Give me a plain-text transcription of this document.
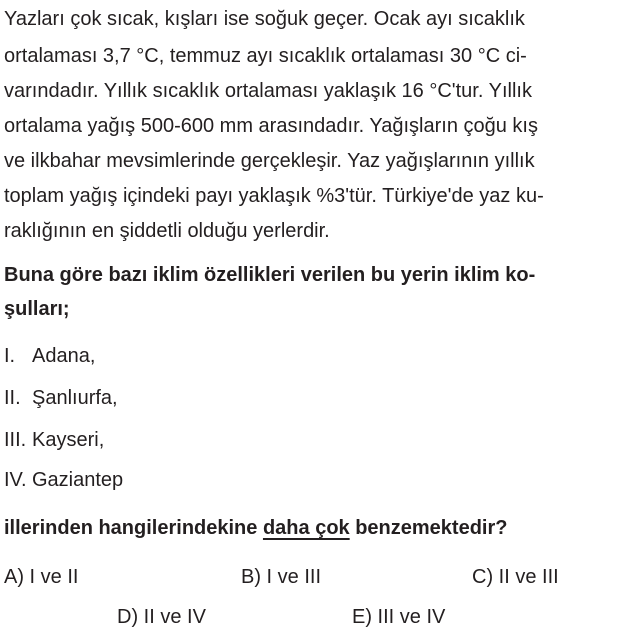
Yazları çok sıcak, kışları ise soğuk geçer. Ocak ayı sıcaklık
ortalaması 3,7 °C, temmuz ayı sıcaklık ortalaması 30 °C ci-
varındadır. Yıllık sıcaklık ortalaması yaklaşık 16 °C'tur. Yıllık
ortalama yağış 500-600 mm arasındadır. Yağışların çoğu kış
ve ilkbahar mevsimlerinde gerçekleşir. Yaz yağışlarının yıllık
toplam yağış içindeki payı yaklaşık %3'tür. Türkiye'de yaz ku-
raklığının en şiddetli olduğu yerlerdir.
Buna göre bazı iklim özellikleri verilen bu yerin iklim ko-
şulları;
I. Adana,
II. Şanlıurfa,
III. Kayseri,
IV. Gaziantep
illerinden hangilerindekine daha çok benzemektedir?
A) I ve II	B) I ve III	C) II ve III
D) II ve IV	E) III ve IV
